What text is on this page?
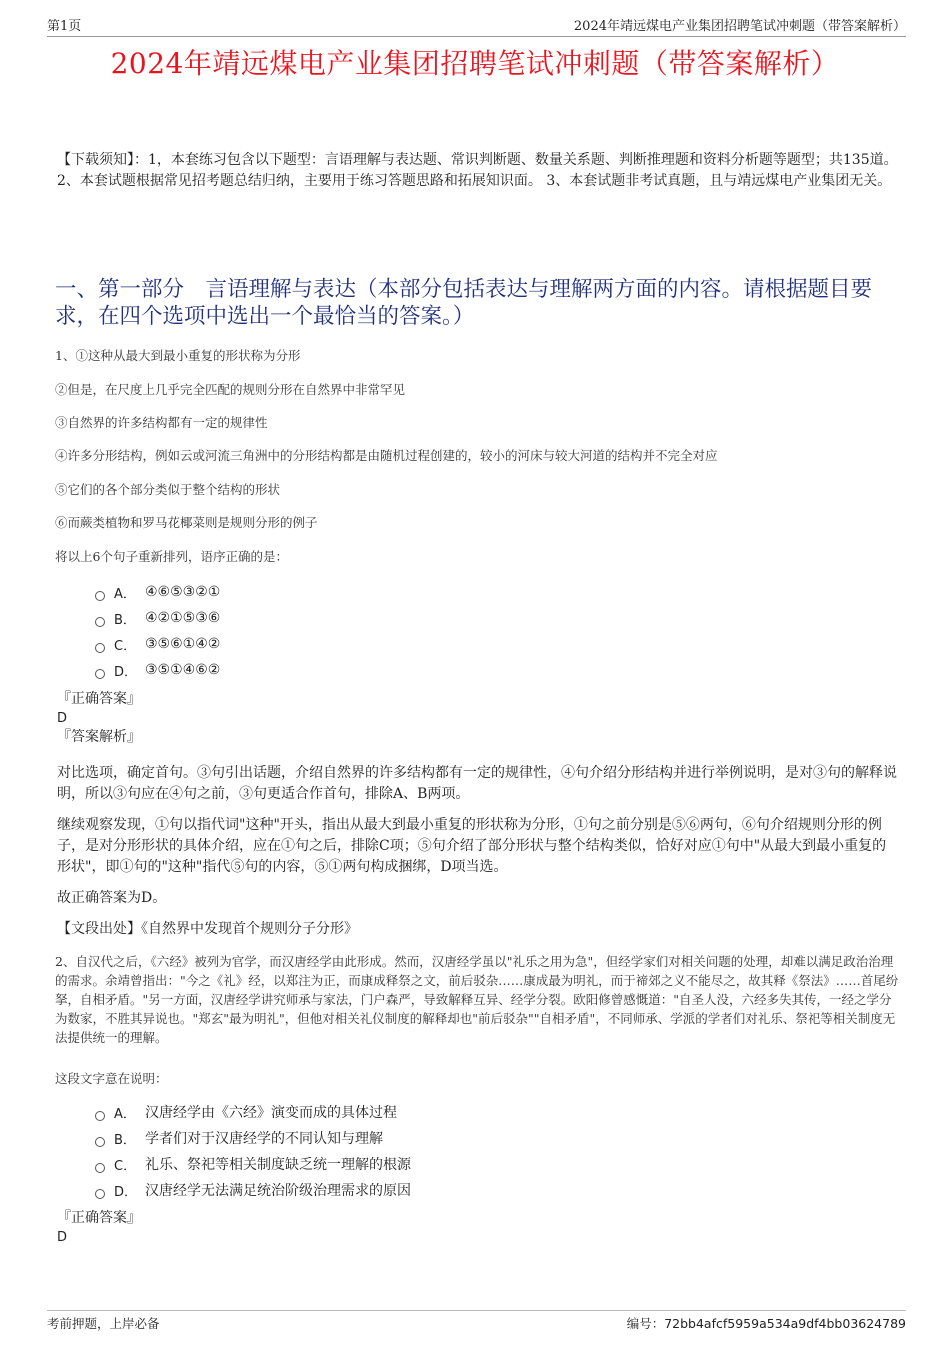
第1页	2024年靖远煤电产业集团招聘笔试冲刺题（带答案解析）
2024年靖远煤电产业集团招聘笔试冲刺题（带答案解析）
【下载须知】：1，本套练习包含以下题型：言语理解与表达题、常识判断题、数量关系题、判断推理题和资料分析题等题型；共135道。 2、本套试题根据常见招考题总结归纳，主要用于练习答题思路和拓展知识面。 3、本套试题非考试真题，且与靖远煤电产业集团无关。
一、第一部分　言语理解与表达（本部分包括表达与理解两方面的内容。请根据题目要求，在四个选项中选出一个最恰当的答案。）
1、①这种从最大到最小重复的形状称为分形
②但是，在尺度上几乎完全匹配的规则分形在自然界中非常罕见
③自然界的许多结构都有一定的规律性
④许多分形结构，例如云或河流三角洲中的分形结构都是由随机过程创建的，较小的河床与较大河道的结构并不完全对应
⑤它们的各个部分类似于整个结构的形状
⑥而蕨类植物和罗马花椰菜则是规则分形的例子
将以上6个句子重新排列，语序正确的是：
A． ④⑥⑤③②①
B． ④②①⑤③⑥
C． ③⑤⑥①④②
D． ③⑤①④⑥②
『正确答案』
D
『答案解析』

对比选项，确定首句。③句引出话题，介绍自然界的许多结构都有一定的规律性，④句介绍分形结构并进行举例说明，是对③句的解释说明，所以③句应在④句之前，③句更适合作首句，排除A、B两项。

继续观察发现，①句以指代词"这种"开头，指出从最大到最小重复的形状称为分形，①句之前分别是⑤⑥两句，⑥句介绍规则分形的例子，是对分形形状的具体介绍，应在①句之后，排除C项；⑤句介绍了部分形状与整个结构类似，恰好对应①句中"从最大到最小重复的形状"，即①句的"这种"指代⑤句的内容，⑤①两句构成捆绑，D项当选。

故正确答案为D。

【文段出处】《自然界中发现首个规则分子分形》

2、自汉代之后，《六经》被列为官学，而汉唐经学由此形成。然而，汉唐经学虽以"礼乐之用为急"，但经学家们对相关问题的处理，却难以满足政治治理的需求。余靖曾指出："今之《礼》经，以郑注为正，而康成释祭之文，前后驳杂……康成最为明礼，而于禘郊之义不能尽之，故其释《祭法》……首尾纷拏，自相矛盾。"另一方面，汉唐经学讲究师承与家法，门户森严，导致解释互异、经学分裂。欧阳修曾感慨道："自圣人没，六经多失其传，一经之学分为数家，不胜其异说也。"郑玄"最为明礼"，但他对相关礼仪制度的解释却也"前后驳杂""自相矛盾"，不同师承、学派的学者们对礼乐、祭祀等相关制度无法提供统一的理解。
这段文字意在说明：
A． 汉唐经学由《六经》演变而成的具体过程
B． 学者们对于汉唐经学的不同认知与理解
C． 礼乐、祭祀等相关制度缺乏统一理解的根源
D． 汉唐经学无法满足统治阶级治理需求的原因
『正确答案』
D
考前押题，上岸必备	编号：72bb4afcf5959a534a9df4bb03624789
